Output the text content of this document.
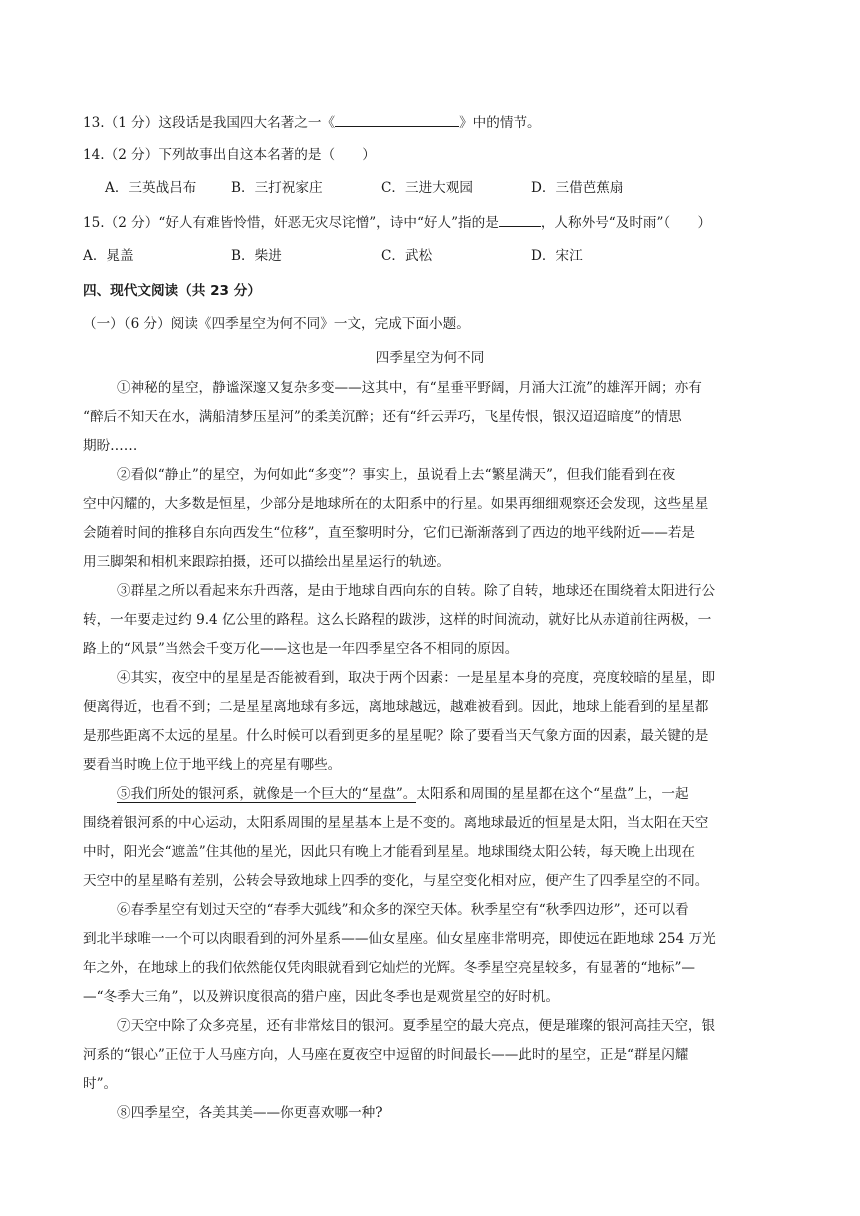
13.（1 分）这段话是我国四大名著之一《	》中的情节。
14.（2 分）下列故事出自这本名著的是（　　）
A．三英战吕布	B．三打祝家庄	C．三进大观园	D．三借芭蕉扇
15.（2 分）“好人有难皆怜惜，奸恶无灾尽诧憎”，诗中“好人”指的是	，人称外号“及时雨”（　　）
A．晁盖	B．柴进	C．武松	D．宋江
四、现代文阅读（共 23 分）
（一）（6 分）阅读《四季星空为何不同》一文，完成下面小题。
四季星空为何不同
①神秘的星空，静谧深邃又复杂多变——这其中，有“星垂平野阔，月涌大江流”的雄浑开阔；亦有
“醉后不知天在水，满船清梦压星河”的柔美沉醉；还有“纤云弄巧，飞星传恨，银汉迢迢暗度”的情思
期盼……
②看似“静止”的星空，为何如此“多变”？事实上，虽说看上去“繁星满天”，但我们能看到在夜
空中闪耀的，大多数是恒星，少部分是地球所在的太阳系中的行星。如果再细细观察还会发现，这些星星
会随着时间的推移自东向西发生“位移”，直至黎明时分，它们已渐渐落到了西边的地平线附近——若是
用三脚架和相机来跟踪拍摄，还可以描绘出星星运行的轨迹。
③群星之所以看起来东升西落，是由于地球自西向东的自转。除了自转，地球还在围绕着太阳进行公
转，一年要走过约 9.4 亿公里的路程。这么长路程的跋涉，这样的时间流动，就好比从赤道前往两极，一
路上的“风景”当然会千变万化——这也是一年四季星空各不相同的原因。
④其实，夜空中的星星是否能被看到，取决于两个因素：一是星星本身的亮度，亮度较暗的星星，即
便离得近，也看不到；二是星星离地球有多远，离地球越远，越难被看到。因此，地球上能看到的星星都
是那些距离不太远的星星。什么时候可以看到更多的星星呢？除了要看当天气象方面的因素，最关键的是
要看当时晚上位于地平线上的亮星有哪些。
⑤我们所处的银河系，就像是一个巨大的“星盘”。太阳系和周围的星星都在这个“星盘”上，一起
围绕着银河系的中心运动，太阳系周围的星星基本上是不变的。离地球最近的恒星是太阳，当太阳在天空
中时，阳光会“遮盖”住其他的星光，因此只有晚上才能看到星星。地球围绕太阳公转，每天晚上出现在
天空中的星星略有差别，公转会导致地球上四季的变化，与星空变化相对应，便产生了四季星空的不同。
⑥春季星空有划过天空的“春季大弧线”和众多的深空天体。秋季星空有“秋季四边形”，还可以看
到北半球唯一一个可以肉眼看到的河外星系——仙女星座。仙女星座非常明亮，即使远在距地球 254 万光
年之外，在地球上的我们依然能仅凭肉眼就看到它灿烂的光辉。冬季星空亮星较多，有显著的“地标”—
—“冬季大三角”，以及辨识度很高的猎户座，因此冬季也是观赏星空的好时机。
⑦天空中除了众多亮星，还有非常炫目的银河。夏季星空的最大亮点，便是璀璨的银河高挂天空，银
河系的“银心”正位于人马座方向，人马座在夏夜空中逗留的时间最长——此时的星空，正是“群星闪耀
时”。
⑧四季星空，各美其美——你更喜欢哪一种?
